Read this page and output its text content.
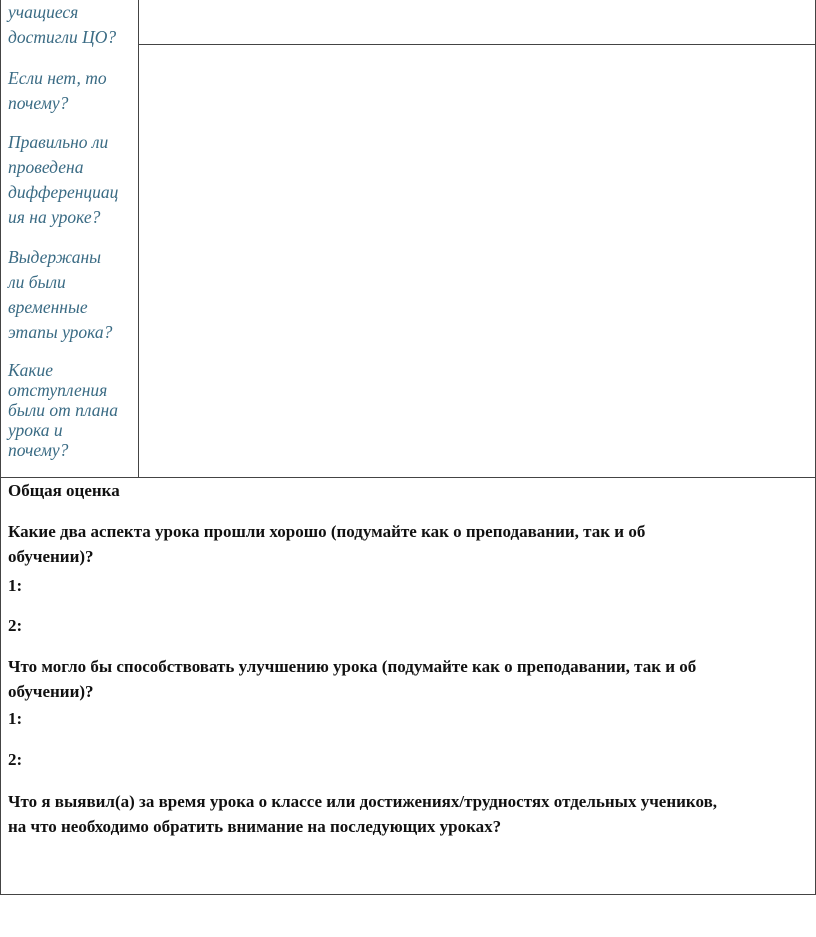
учащиеся
достигли ЦО?
Если нет, то
почему?
Правильно ли
проведена
дифференциац
ия на уроке?
Выдержаны
ли были
временные
этапы урока?
Какие
отступления
были от плана
урока и
почему?
Общая оценка
Какие два аспекта урока прошли хорошо (подумайте как о преподавании, так и об
обучении)?
1:
2:
Что могло бы способствовать улучшению урока (подумайте как о преподавании, так и об
обучении)?
1:
2:
Что я выявил(а) за время урока о классе или достижениях/трудностях отдельных учеников,
на что необходимо обратить внимание на последующих уроках?
